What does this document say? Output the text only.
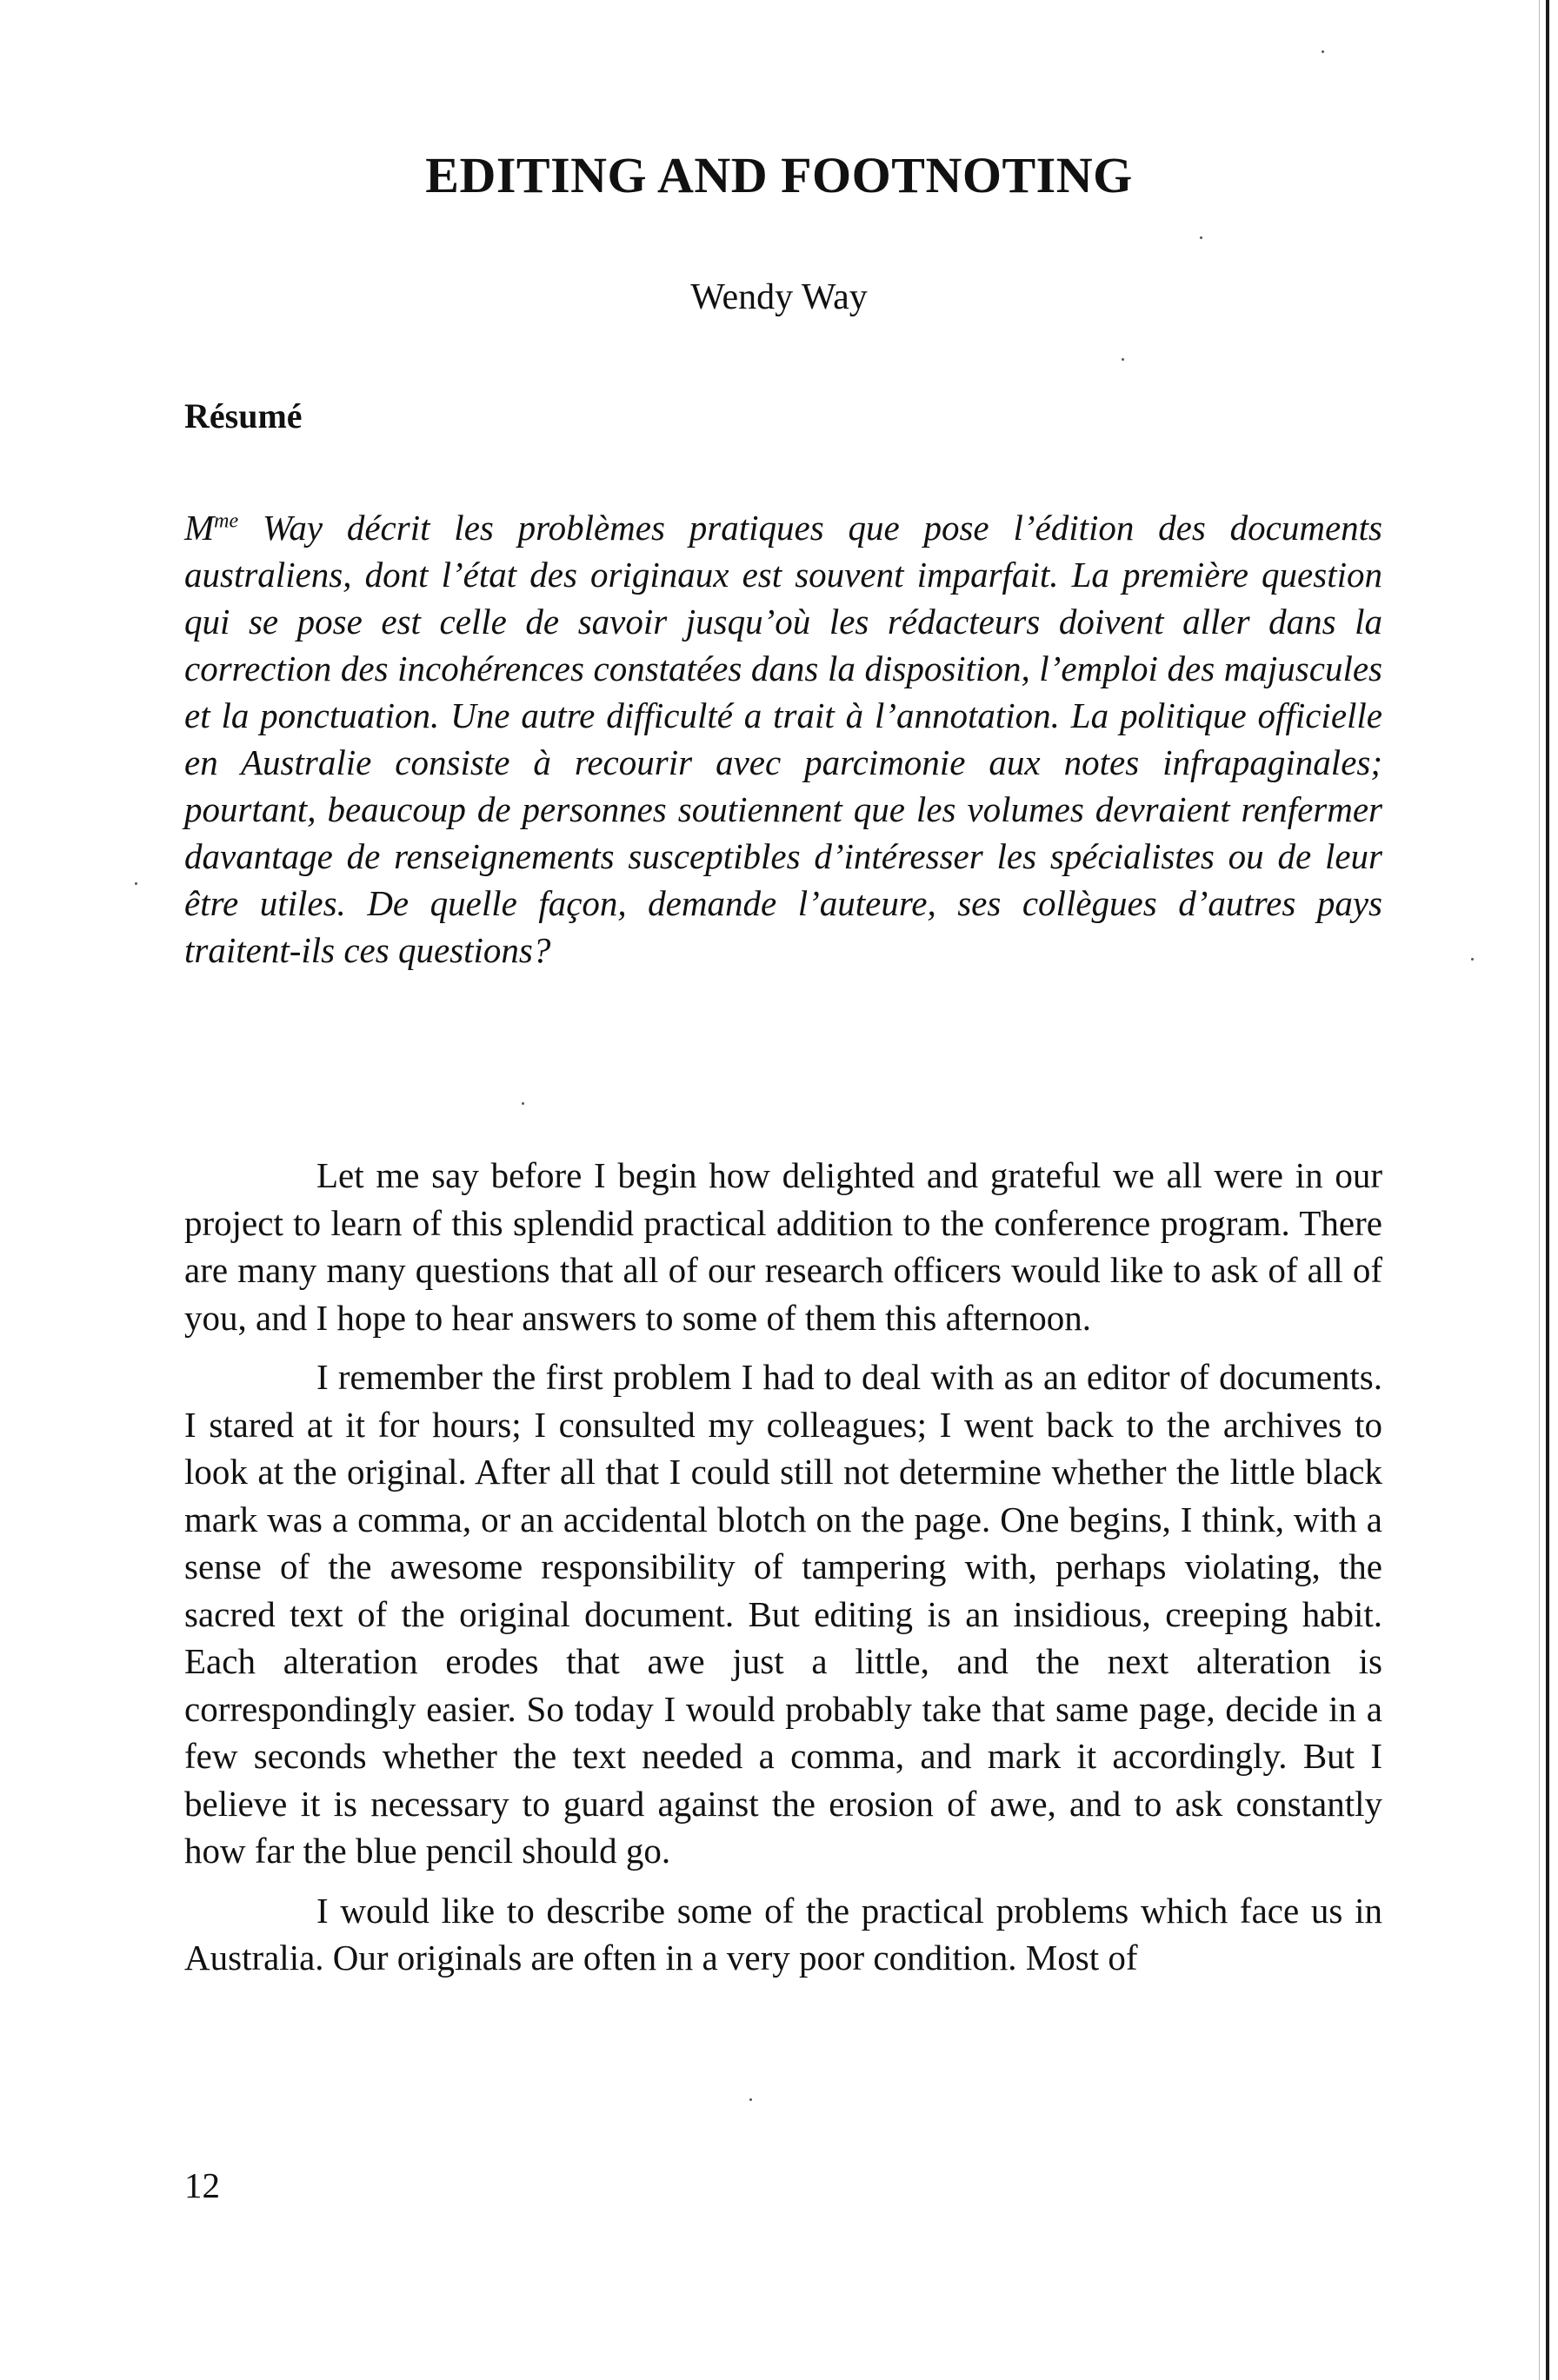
EDITING AND FOOTNOTING
Wendy Way
Résumé

$M^{me}$ Way décrit les problèmes pratiques que pose l’édition des documents australiens, dont l’état des originaux est souvent imparfait. La première question qui se pose est celle de savoir jusqu’où les rédacteurs doivent aller dans la correction des incohérences constatées dans la disposition, l’emploi des majuscules et la ponctuation. Une autre difficulté a trait à l’annotation. La politique officielle en Australie consiste à recourir avec parcimonie aux notes infrapaginales; pourtant, beaucoup de personnes soutiennent que les volumes devraient renfermer davantage de renseignements susceptibles d’intéresser les spécialistes ou de leur être utiles. De quelle façon, demande l’auteure, ses collègues d’autres pays traitent-ils ces questions?

Let me say before I begin how delighted and grateful we all were in our project to learn of this splendid practical addition to the conference program. There are many many questions that all of our research officers would like to ask of all of you, and I hope to hear answers to some of them this afternoon.

I remember the first problem I had to deal with as an editor of documents. I stared at it for hours; I consulted my colleagues; I went back to the archives to look at the original. After all that I could still not determine whether the little black mark was a comma, or an accidental blotch on the page. One begins, I think, with a sense of the awesome responsibility of tampering with, perhaps violating, the sacred text of the original document. But editing is an insidious, creeping habit. Each alteration erodes that awe just a little, and the next alteration is correspondingly easier. So today I would probably take that same page, decide in a few seconds whether the text needed a comma, and mark it accordingly. But I believe it is necessary to guard against the erosion of awe, and to ask constantly how far the blue pencil should go.

I would like to describe some of the practical problems which face us in Australia. Our originals are often in a very poor condition. Most of

12
